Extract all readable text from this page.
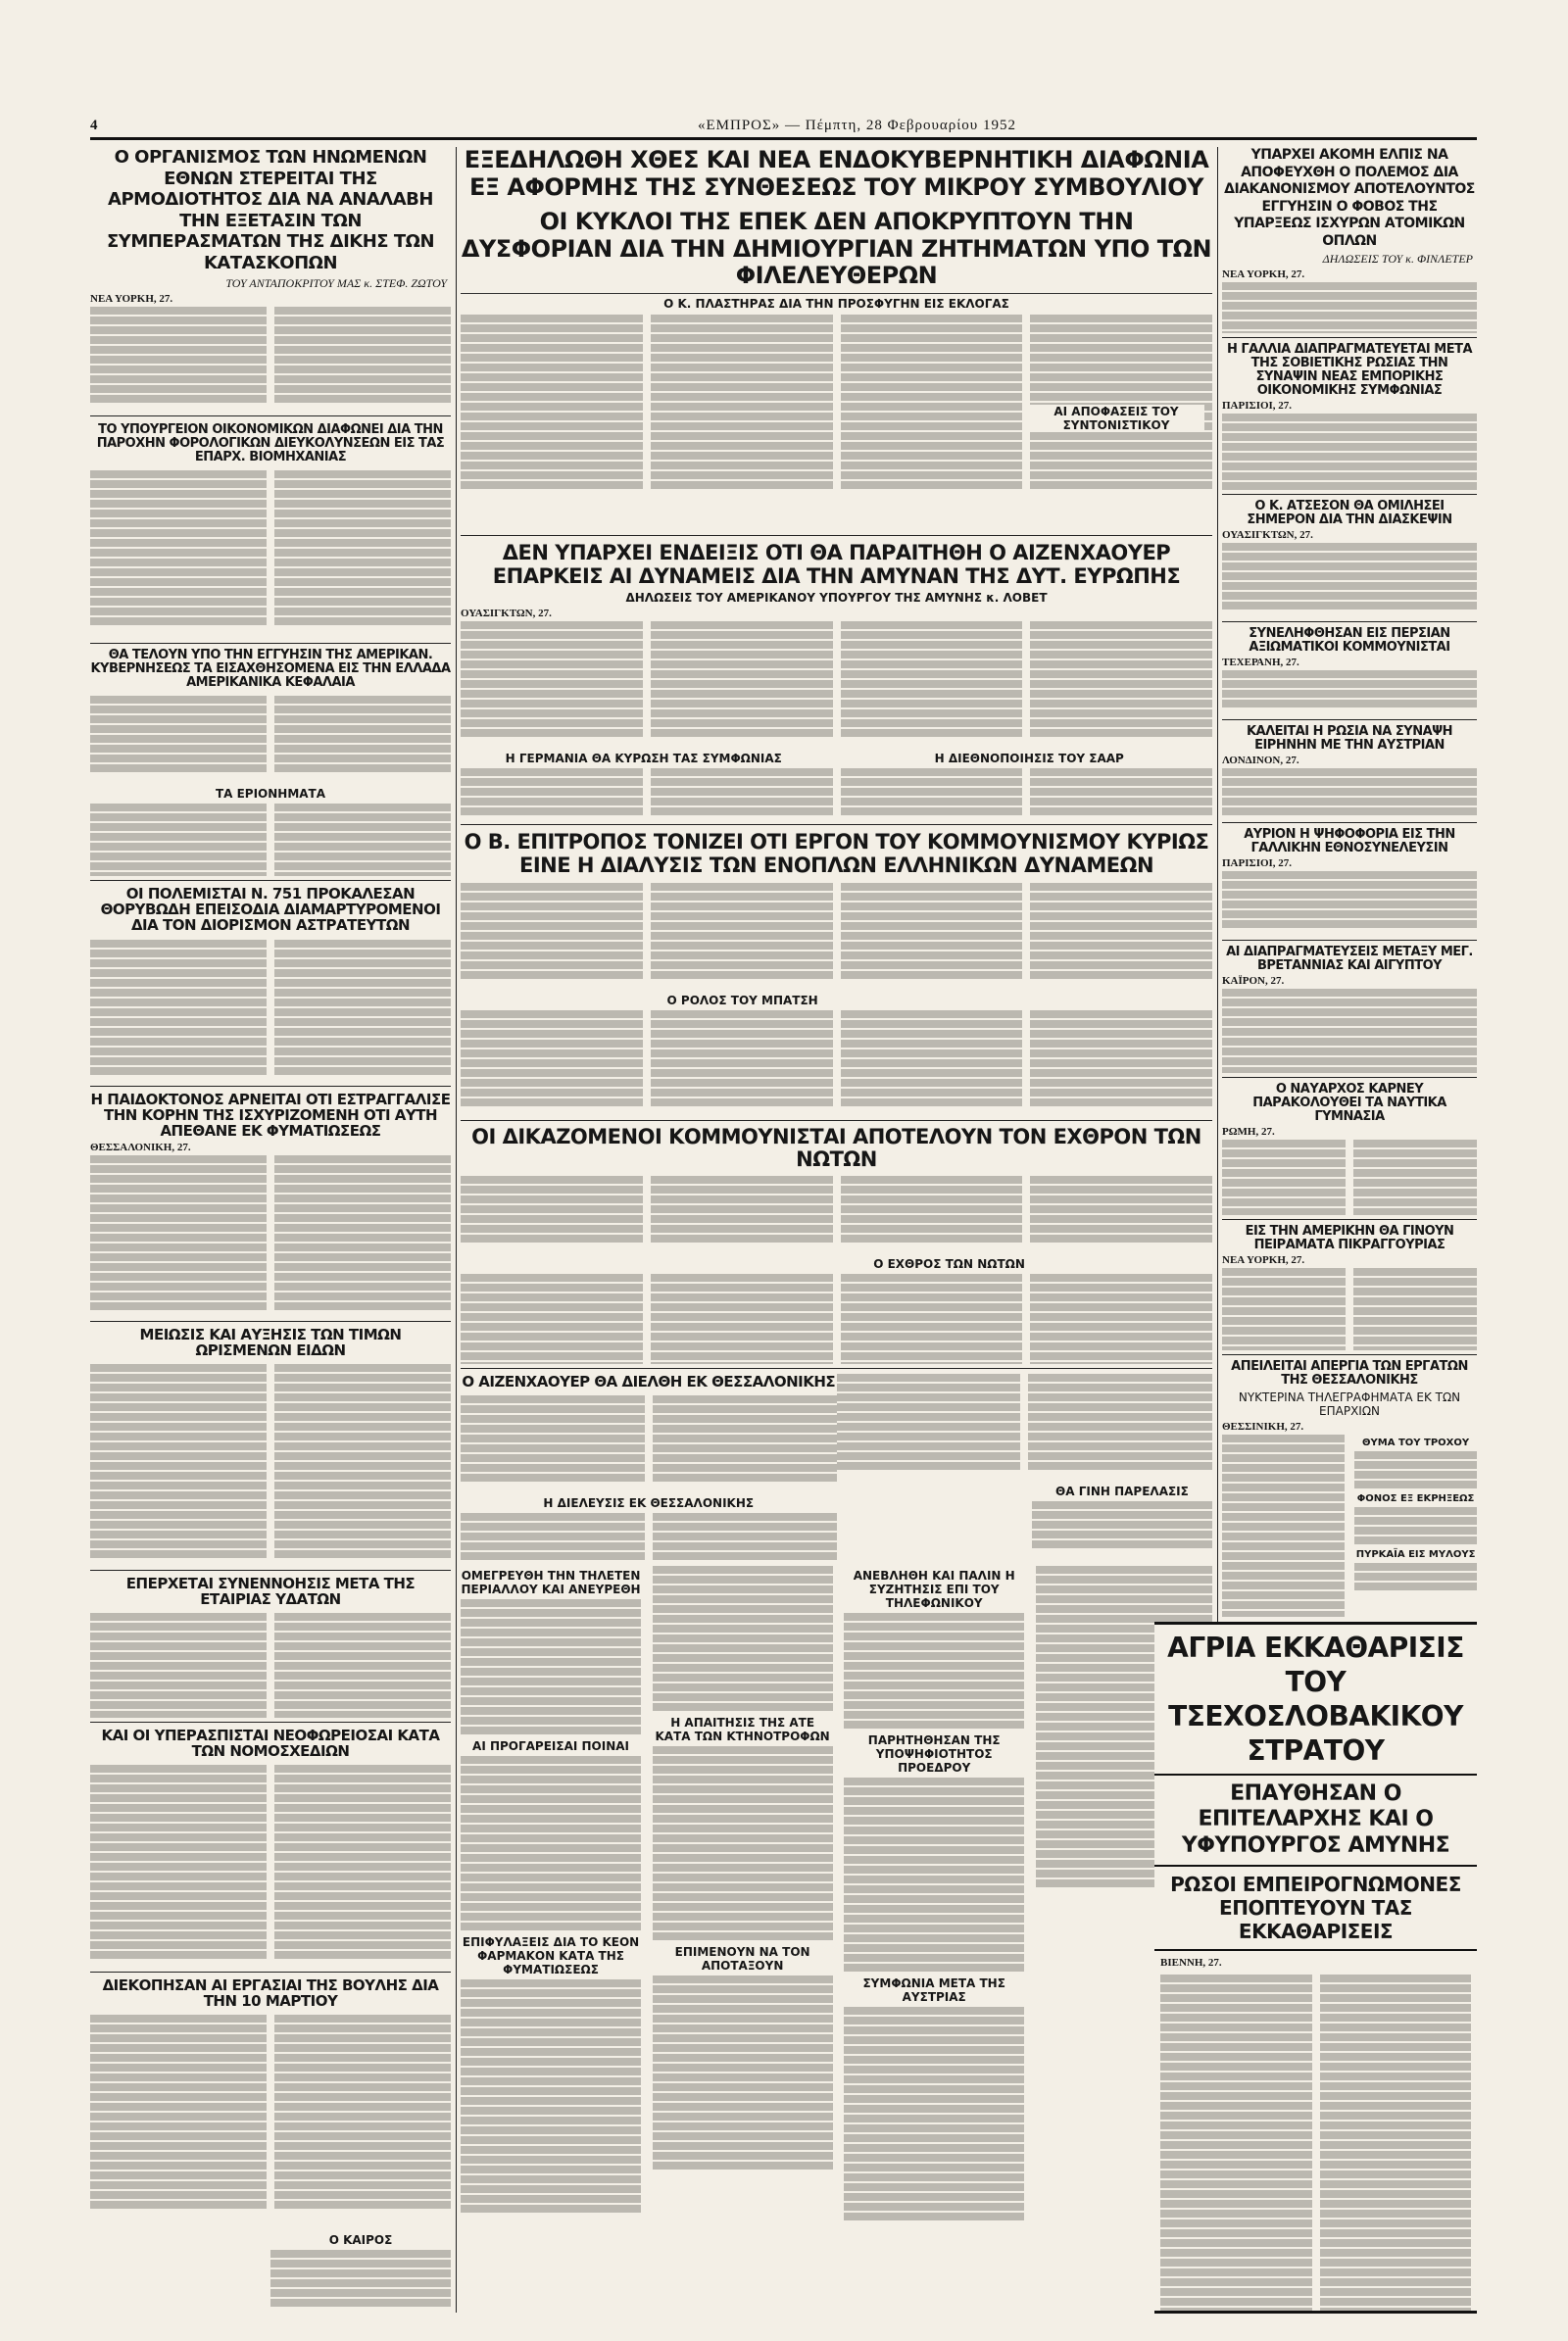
4	«ΕΜΠΡΟΣ» — Πέμπτη, 28 Φεβρουαρίου 1952
Ο ΟΡΓΑΝΙΣΜΟΣ ΤΩΝ ΗΝΩΜΕΝΩΝ ΕΘΝΩΝ ΣΤΕΡΕΙΤΑΙ ΤΗΣ ΑΡΜΟΔΙΟΤΗΤΟΣ ΔΙΑ ΝΑ ΑΝΑΛΑΒΗ ΤΗΝ ΕΞΕΤΑΣΙΝ ΤΩΝ ΣΥΜΠΕΡΑΣΜΑΤΩΝ ΤΗΣ ΔΙΚΗΣ ΤΩΝ ΚΑΤΑΣΚΟΠΩΝ
ΤΟΥ ΑΝΤΑΠΟΚΡΙΤΟΥ ΜΑΣ κ. ΣΤΕΦ. ΖΩΤΟΥ
ΝΕΑ ΥΟΡΚΗ, 27.
ΤΟ ΥΠΟΥΡΓΕΙΟΝ ΟΙΚΟΝΟΜΙΚΩΝ ΔΙΑΦΩΝΕΙ ΔΙΑ ΤΗΝ ΠΑΡΟΧΗΝ ΦΟΡΟΛΟΓΙΚΩΝ ΔΙΕΥΚΟΛΥΝΣΕΩΝ ΕΙΣ ΤΑΣ ΕΠΑΡΧ. ΒΙΟΜΗΧΑΝΙΑΣ
ΘΑ ΤΕΛΟΥΝ ΥΠΟ ΤΗΝ ΕΓΓΥΗΣΙΝ ΤΗΣ ΑΜΕΡΙΚΑΝ. ΚΥΒΕΡΝΗΣΕΩΣ ΤΑ ΕΙΣΑΧΘΗΣΟΜΕΝΑ ΕΙΣ ΤΗΝ ΕΛΛΑΔΑ ΑΜΕΡΙΚΑΝΙΚΑ ΚΕΦΑΛΑΙΑ
ΤΑ ΕΡΙΟΝΗΜΑΤΑ
ΟΙ ΠΟΛΕΜΙΣΤΑΙ Ν. 751 ΠΡΟΚΑΛΕΣΑΝ ΘΟΡΥΒΩΔΗ ΕΠΕΙΣΟΔΙΑ ΔΙΑΜΑΡΤΥΡΟΜΕΝΟΙ ΔΙΑ ΤΟΝ ΔΙΟΡΙΣΜΟΝ ΑΣΤΡΑΤΕΥΤΩΝ
Η ΠΑΙΔΟΚΤΟΝΟΣ ΑΡΝΕΙΤΑΙ ΟΤΙ ΕΣΤΡΑΓΓΑΛΙΣΕ ΤΗΝ ΚΟΡΗΝ ΤΗΣ ΙΣΧΥΡΙΖΟΜΕΝΗ ΟΤΙ ΑΥΤΗ ΑΠΕΘΑΝΕ ΕΚ ΦΥΜΑΤΙΩΣΕΩΣ
ΘΕΣΣΑΛΟΝΙΚΗ, 27.
ΜΕΙΩΣΙΣ ΚΑΙ ΑΥΞΗΣΙΣ ΤΩΝ ΤΙΜΩΝ ΩΡΙΣΜΕΝΩΝ ΕΙΔΩΝ
ΕΠΕΡΧΕΤΑΙ ΣΥΝΕΝΝΟΗΣΙΣ ΜΕΤΑ ΤΗΣ ΕΤΑΙΡΙΑΣ ΥΔΑΤΩΝ
ΚΑΙ ΟΙ ΥΠΕΡΑΣΠΙΣΤΑΙ ΝΕΟΦΩΡΕΙΟΣΑΙ ΚΑΤΑ ΤΩΝ ΝΟΜΟΣΧΕΔΙΩΝ
ΔΙΕΚΟΠΗΣΑΝ ΑΙ ΕΡΓΑΣΙΑΙ ΤΗΣ ΒΟΥΛΗΣ ΔΙΑ ΤΗΝ 10 ΜΑΡΤΙΟΥ
Ο ΚΑΙΡΟΣ
ΕΞΕΔΗΛΩΘΗ ΧΘΕΣ ΚΑΙ ΝΕΑ ΕΝΔΟΚΥΒΕΡΝΗΤΙΚΗ ΔΙΑΦΩΝΙΑ ΕΞ ΑΦΟΡΜΗΣ ΤΗΣ ΣΥΝΘΕΣΕΩΣ ΤΟΥ ΜΙΚΡΟΥ ΣΥΜΒΟΥΛΙΟΥ
ΟΙ ΚΥΚΛΟΙ ΤΗΣ ΕΠΕΚ ΔΕΝ ΑΠΟΚΡΥΠΤΟΥΝ ΤΗΝ ΔΥΣΦΟΡΙΑΝ ΔΙΑ ΤΗΝ ΔΗΜΙΟΥΡΓΙΑΝ ΖΗΤΗΜΑΤΩΝ ΥΠΟ ΤΩΝ ΦΙΛΕΛΕΥΘΕΡΩΝ
Ο Κ. ΠΛΑΣΤΗΡΑΣ ΔΙΑ ΤΗΝ ΠΡΟΣΦΥΓΗΝ ΕΙΣ ΕΚΛΟΓΑΣ
ΑΙ ΑΠΟΦΑΣΕΙΣ ΤΟΥ ΣΥΝΤΟΝΙΣΤΙΚΟΥ
ΔΕΝ ΥΠΑΡΧΕΙ ΕΝΔΕΙΞΙΣ ΟΤΙ ΘΑ ΠΑΡΑΙΤΗΘΗ Ο ΑΙΖΕΝΧΑΟΥΕΡ ΕΠΑΡΚΕΙΣ ΑΙ ΔΥΝΑΜΕΙΣ ΔΙΑ ΤΗΝ ΑΜΥΝΑΝ ΤΗΣ ΔΥΤ. ΕΥΡΩΠΗΣ
ΔΗΛΩΣΕΙΣ ΤΟΥ ΑΜΕΡΙΚΑΝΟΥ ΥΠΟΥΡΓΟΥ ΤΗΣ ΑΜΥΝΗΣ κ. ΛΟΒΕΤ
ΟΥΑΣΙΓΚΤΩΝ, 27.
Η ΓΕΡΜΑΝΙΑ ΘΑ ΚΥΡΩΣΗ ΤΑΣ ΣΥΜΦΩΝΙΑΣ	Η ΔΙΕΘΝΟΠΟΙΗΣΙΣ ΤΟΥ ΣΑΑΡ
Ο Β. ΕΠΙΤΡΟΠΟΣ ΤΟΝΙΖΕΙ ΟΤΙ ΕΡΓΟΝ ΤΟΥ ΚΟΜΜΟΥΝΙΣΜΟΥ ΚΥΡΙΩΣ ΕΙΝΕ Η ΔΙΑΛΥΣΙΣ ΤΩΝ ΕΝΟΠΛΩΝ ΕΛΛΗΝΙΚΩΝ ΔΥΝΑΜΕΩΝ
Ο ΡΟΛΟΣ ΤΟΥ ΜΠΑΤΣΗ
ΟΙ ΔΙΚΑΖΟΜΕΝΟΙ ΚΟΜΜΟΥΝΙΣΤΑΙ ΑΠΟΤΕΛΟΥΝ ΤΟΝ ΕΧΘΡΟΝ ΤΩΝ ΝΩΤΩΝ
Ο ΕΧΘΡΟΣ ΤΩΝ ΝΩΤΩΝ
Ο ΑΙΖΕΝΧΑΟΥΕΡ ΘΑ ΔΙΕΛΘΗ ΕΚ ΘΕΣΣΑΛΟΝΙΚΗΣ
Η ΔΙΕΛΕΥΣΙΣ ΕΚ ΘΕΣΣΑΛΟΝΙΚΗΣ
ΘΑ ΓΙΝΗ ΠΑΡΕΛΑΣΙΣ
ΟΜΕΓΡΕΥΘΗ ΤΗΝ ΤΗΛΕΤΕΝ ΠΕΡΙΑΛΛΟΥ ΚΑΙ ΑΝΕΥΡΕΘΗ
ΑΙ ΠΡΟΓΑΡΕΙΣΑΙ ΠΟΙΝΑΙ
ΕΠΙΦΥΛΑΞΕΙΣ ΔΙΑ ΤΟ ΚΕΟΝ ΦΑΡΜΑΚΟΝ ΚΑΤΑ ΤΗΣ ΦΥΜΑΤΙΩΣΕΩΣ
Η ΑΠΑΙΤΗΣΙΣ ΤΗΣ ΑΤΕ ΚΑΤΑ ΤΩΝ ΚΤΗΝΟΤΡΟΦΩΝ
ΕΠΙΜΕΝΟΥΝ ΝΑ ΤΟΝ ΑΠΟΤΑΞΟΥΝ
ΑΝΕΒΛΗΘΗ ΚΑΙ ΠΑΛΙΝ Η ΣΥΖΗΤΗΣΙΣ ΕΠΙ ΤΟΥ ΤΗΛΕΦΩΝΙΚΟΥ
ΠΑΡΗΤΗΘΗΣΑΝ ΤΗΣ ΥΠΟΨΗΦΙΟΤΗΤΟΣ ΠΡΟΕΔΡΟΥ
ΣΥΜΦΩΝΙΑ ΜΕΤΑ ΤΗΣ ΑΥΣΤΡΙΑΣ
ΥΠΑΡΧΕΙ ΑΚΟΜΗ ΕΛΠΙΣ ΝΑ ΑΠΟΦΕΥΧΘΗ Ο ΠΟΛΕΜΟΣ ΔΙΑ ΔΙΑΚΑΝΟΝΙΣΜΟΥ ΑΠΟΤΕΛΟΥΝΤΟΣ ΕΓΓΥΗΣΙΝ Ο ΦΟΒΟΣ ΤΗΣ ΥΠΑΡΞΕΩΣ ΙΣΧΥΡΩΝ ΑΤΟΜΙΚΩΝ ΟΠΛΩΝ
ΔΗΛΩΣΕΙΣ ΤΟΥ κ. ΦΙΝΛΕΤΕΡ
ΝΕΑ ΥΟΡΚΗ, 27.
Η ΓΑΛΛΙΑ ΔΙΑΠΡΑΓΜΑΤΕΥΕΤΑΙ ΜΕΤΑ ΤΗΣ ΣΟΒΙΕΤΙΚΗΣ ΡΩΣΙΑΣ ΤΗΝ ΣΥΝΑΨΙΝ ΝΕΑΣ ΕΜΠΟΡΙΚΗΣ ΟΙΚΟΝΟΜΙΚΗΣ ΣΥΜΦΩΝΙΑΣ
ΠΑΡΙΣΙΟΙ, 27.
Ο Κ. ΑΤΣΕΣΟΝ ΘΑ ΟΜΙΛΗΣΕΙ ΣΗΜΕΡΟΝ ΔΙΑ ΤΗΝ ΔΙΑΣΚΕΨΙΝ
ΟΥΑΣΙΓΚΤΩΝ, 27.
ΣΥΝΕΛΗΦΘΗΣΑΝ ΕΙΣ ΠΕΡΣΙΑΝ ΑΞΙΩΜΑΤΙΚΟΙ ΚΟΜΜΟΥΝΙΣΤΑΙ
ΤΕΧΕΡΑΝΗ, 27.
ΚΑΛΕΙΤΑΙ Η ΡΩΣΙΑ ΝΑ ΣΥΝΑΨΗ ΕΙΡΗΝΗΝ ΜΕ ΤΗΝ ΑΥΣΤΡΙΑΝ
ΛΟΝΔΙΝΟΝ, 27.
ΑΥΡΙΟΝ Η ΨΗΦΟΦΟΡΙΑ ΕΙΣ ΤΗΝ ΓΑΛΛΙΚΗΝ ΕΘΝΟΣΥΝΕΛΕΥΣΙΝ
ΠΑΡΙΣΙΟΙ, 27.
ΑΙ ΔΙΑΠΡΑΓΜΑΤΕΥΣΕΙΣ ΜΕΤΑΞΥ ΜΕΓ. ΒΡΕΤΑΝΝΙΑΣ ΚΑΙ ΑΙΓΥΠΤΟΥ
ΚΑΪΡΟΝ, 27.
Ο ΝΑΥΑΡΧΟΣ ΚΑΡΝΕΥ ΠΑΡΑΚΟΛΟΥΘΕΙ ΤΑ ΝΑΥΤΙΚΑ ΓΥΜΝΑΣΙΑ
ΡΩΜΗ, 27.
ΕΙΣ ΤΗΝ ΑΜΕΡΙΚΗΝ ΘΑ ΓΙΝΟΥΝ ΠΕΙΡΑΜΑΤΑ ΠΙΚΡΑΓΓΟΥΡΙΑΣ
ΝΕΑ ΥΟΡΚΗ, 27.
ΑΠΕΙΛΕΙΤΑΙ ΑΠΕΡΓΙΑ ΤΩΝ ΕΡΓΑΤΩΝ ΤΗΣ ΘΕΣΣΑΛΟΝΙΚΗΣ
ΝΥΚΤΕΡΙΝΑ ΤΗΛΕΓΡΑΦΗΜΑΤΑ ΕΚ ΤΩΝ ΕΠΑΡΧΙΩΝ
ΘΕΣΣΙΝΙΚΗ, 27.
ΘΥΜΑ ΤΟΥ ΤΡΟΧΟΥ
ΦΟΝΟΣ ΕΞ ΕΚΡΗΞΕΩΣ
ΠΥΡΚΑΪΑ ΕΙΣ ΜΥΛΟΥΣ
ΑΓΡΙΑ ΕΚΚΑΘΑΡΙΣΙΣ ΤΟΥ ΤΣΕΧΟΣΛΟΒΑΚΙΚΟΥ ΣΤΡΑΤΟΥ
ΕΠΑΥΘΗΣΑΝ Ο ΕΠΙΤΕΛΑΡΧΗΣ ΚΑΙ Ο ΥΦΥΠΟΥΡΓΟΣ ΑΜΥΝΗΣ
ΡΩΣΟΙ ΕΜΠΕΙΡΟΓΝΩΜΟΝΕΣ ΕΠΟΠΤΕΥΟΥΝ ΤΑΣ ΕΚΚΑΘΑΡΙΣΕΙΣ
ΒΙΕΝΝΗ, 27.
